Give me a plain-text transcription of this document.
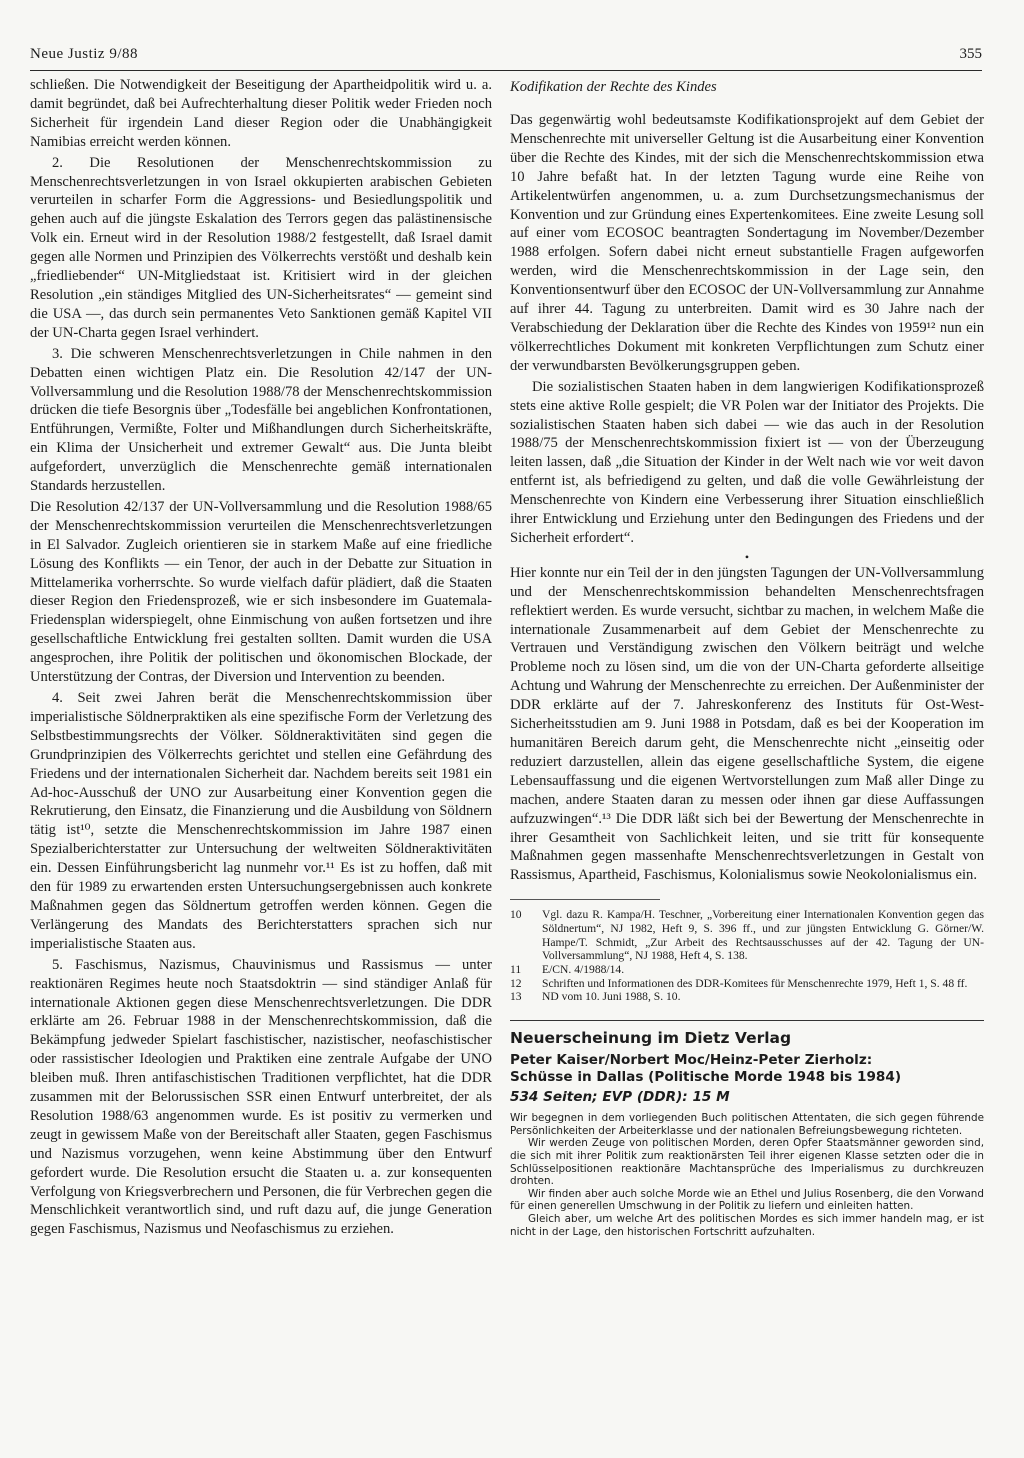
Neue Justiz 9/88	355

schließen. Die Notwendigkeit der Beseitigung der Apartheidpolitik wird u. a. damit begründet, daß bei Aufrechterhaltung dieser Politik weder Frieden noch Sicherheit für irgendein Land dieser Region oder die Unabhängigkeit Namibias erreicht werden können.

2. Die Resolutionen der Menschenrechtskommission zu Menschenrechtsverletzungen in von Israel okkupierten arabischen Gebieten verurteilen in scharfer Form die Aggressions- und Besiedlungspolitik und gehen auch auf die jüngste Eskalation des Terrors gegen das palästinensische Volk ein. Erneut wird in der Resolution 1988/2 festgestellt, daß Israel damit gegen alle Normen und Prinzipien des Völkerrechts verstößt und deshalb kein „friedliebender“ UN-Mitgliedstaat ist. Kritisiert wird in der gleichen Resolution „ein ständiges Mitglied des UN-Sicherheitsrates“ — gemeint sind die USA —, das durch sein permanentes Veto Sanktionen gemäß Kapitel VII der UN-Charta gegen Israel verhindert.

3. Die schweren Menschenrechtsverletzungen in Chile nahmen in den Debatten einen wichtigen Platz ein. Die Resolution 42/147 der UN-Vollversammlung und die Resolution 1988/78 der Menschenrechtskommission drücken die tiefe Besorgnis über „Todesfälle bei angeblichen Konfrontationen, Entführungen, Vermißte, Folter und Mißhandlungen durch Sicherheitskräfte, ein Klima der Unsicherheit und extremer Gewalt“ aus. Die Junta bleibt aufgefordert, unverzüglich die Menschenrechte gemäß internationalen Standards herzustellen.

Die Resolution 42/137 der UN-Vollversammlung und die Resolution 1988/65 der Menschenrechtskommission verurteilen die Menschenrechtsverletzungen in El Salvador. Zugleich orientieren sie in starkem Maße auf eine friedliche Lösung des Konflikts — ein Tenor, der auch in der Debatte zur Situation in Mittelamerika vorherrschte. So wurde vielfach dafür plädiert, daß die Staaten dieser Region den Friedensprozeß, wie er sich insbesondere im Guatemala-Friedensplan widerspiegelt, ohne Einmischung von außen fortsetzen und ihre gesellschaftliche Entwicklung frei gestalten sollten. Damit wurden die USA angesprochen, ihre Politik der politischen und ökonomischen Blockade, der Unterstützung der Contras, der Diversion und Intervention zu beenden.

4. Seit zwei Jahren berät die Menschenrechtskommission über imperialistische Söldnerpraktiken als eine spezifische Form der Verletzung des Selbstbestimmungsrechts der Völker. Söldneraktivitäten sind gegen die Grundprinzipien des Völkerrechts gerichtet und stellen eine Gefährdung des Friedens und der internationalen Sicherheit dar. Nachdem bereits seit 1981 ein Ad-hoc-Ausschuß der UNO zur Ausarbeitung einer Konvention gegen die Rekrutierung, den Einsatz, die Finanzierung und die Ausbildung von Söldnern tätig ist¹⁰, setzte die Menschenrechtskommission im Jahre 1987 einen Spezialberichterstatter zur Untersuchung der weltweiten Söldneraktivitäten ein. Dessen Einführungsbericht lag nunmehr vor.¹¹ Es ist zu hoffen, daß mit den für 1989 zu erwartenden ersten Untersuchungsergebnissen auch konkrete Maßnahmen gegen das Söldnertum getroffen werden können. Gegen die Verlängerung des Mandats des Berichterstatters sprachen sich nur imperialistische Staaten aus.

5. Faschismus, Nazismus, Chauvinismus und Rassismus — unter reaktionären Regimes heute noch Staatsdoktrin — sind ständiger Anlaß für internationale Aktionen gegen diese Menschenrechtsverletzungen. Die DDR erklärte am 26. Februar 1988 in der Menschenrechtskommission, daß die Bekämpfung jedweder Spielart faschistischer, nazistischer, neofaschistischer oder rassistischer Ideologien und Praktiken eine zentrale Aufgabe der UNO bleiben muß. Ihren antifaschistischen Traditionen verpflichtet, hat die DDR zusammen mit der Belorussischen SSR einen Entwurf unterbreitet, der als Resolution 1988/63 angenommen wurde. Es ist positiv zu vermerken und zeugt in gewissem Maße von der Bereitschaft aller Staaten, gegen Faschismus und Nazismus vorzugehen, wenn keine Abstimmung über den Entwurf gefordert wurde. Die Resolution ersucht die Staaten u. a. zur konsequenten Verfolgung von Kriegsverbrechern und Personen, die für Verbrechen gegen die Menschlichkeit verantwortlich sind, und ruft dazu auf, die junge Generation gegen Faschismus, Nazismus und Neofaschismus zu erziehen.

Kodifikation der Rechte des Kindes

Das gegenwärtig wohl bedeutsamste Kodifikationsprojekt auf dem Gebiet der Menschenrechte mit universeller Geltung ist die Ausarbeitung einer Konvention über die Rechte des Kindes, mit der sich die Menschenrechtskommission etwa 10 Jahre befaßt hat. In der letzten Tagung wurde eine Reihe von Artikelentwürfen angenommen, u. a. zum Durchsetzungsmechanismus der Konvention und zur Gründung eines Expertenkomitees. Eine zweite Lesung soll auf einer vom ECOSOC beantragten Sondertagung im November/Dezember 1988 erfolgen. Sofern dabei nicht erneut substantielle Fragen aufgeworfen werden, wird die Menschenrechtskommission in der Lage sein, den Konventionsentwurf über den ECOSOC der UN-Vollversammlung zur Annahme auf ihrer 44. Tagung zu unterbreiten. Damit wird es 30 Jahre nach der Verabschiedung der Deklaration über die Rechte des Kindes von 1959¹² nun ein völkerrechtliches Dokument mit konkreten Verpflichtungen zum Schutz einer der verwundbarsten Bevölkerungsgruppen geben.

Die sozialistischen Staaten haben in dem langwierigen Kodifikationsprozeß stets eine aktive Rolle gespielt; die VR Polen war der Initiator des Projekts. Die sozialistischen Staaten haben sich dabei — wie das auch in der Resolution 1988/75 der Menschenrechtskommission fixiert ist — von der Überzeugung leiten lassen, daß „die Situation der Kinder in der Welt nach wie vor weit davon entfernt ist, als befriedigend zu gelten, und daß die volle Gewährleistung der Menschenrechte von Kindern eine Verbesserung ihrer Situation einschließlich ihrer Entwicklung und Erziehung unter den Bedingungen des Friedens und der Sicherheit erfordert“.

•

Hier konnte nur ein Teil der in den jüngsten Tagungen der UN-Vollversammlung und der Menschenrechtskommission behandelten Menschenrechtsfragen reflektiert werden. Es wurde versucht, sichtbar zu machen, in welchem Maße die internationale Zusammenarbeit auf dem Gebiet der Menschenrechte zu Vertrauen und Verständigung zwischen den Völkern beiträgt und welche Probleme noch zu lösen sind, um die von der UN-Charta geforderte allseitige Achtung und Wahrung der Menschenrechte zu erreichen. Der Außenminister der DDR erklärte auf der 7. Jahreskonferenz des Instituts für Ost-West-Sicherheitsstudien am 9. Juni 1988 in Potsdam, daß es bei der Kooperation im humanitären Bereich darum geht, die Menschenrechte nicht „einseitig oder reduziert darzustellen, allein das eigene gesellschaftliche System, die eigene Lebensauffassung und die eigenen Wertvorstellungen zum Maß aller Dinge zu machen, andere Staaten daran zu messen oder ihnen gar diese Auffassungen aufzuzwingen“.¹³ Die DDR läßt sich bei der Bewertung der Menschenrechte in ihrer Gesamtheit von Sachlichkeit leiten, und sie tritt für konsequente Maßnahmen gegen massenhafte Menschenrechtsverletzungen in Gestalt von Rassismus, Apartheid, Faschismus, Kolonialismus sowie Neokolonialismus ein.

10 Vgl. dazu R. Kampa/H. Teschner, „Vorbereitung einer Internationalen Konvention gegen das Söldnertum“, NJ 1982, Heft 9, S. 396 ff., und zur jüngsten Entwicklung G. Görner/W. Hampe/T. Schmidt, „Zur Arbeit des Rechtsausschusses auf der 42. Tagung der UN-Vollversammlung“, NJ 1988, Heft 4, S. 138.

11 E/CN. 4/1988/14.

12 Schriften und Informationen des DDR-Komitees für Menschenrechte 1979, Heft 1, S. 48 ff.

13 ND vom 10. Juni 1988, S. 10.

Neuerscheinung im Dietz Verlag
Peter Kaiser/Norbert Moc/Heinz-Peter Zierholz:
Schüsse in Dallas (Politische Morde 1948 bis 1984)
534 Seiten; EVP (DDR): 15 M

Wir begegnen in dem vorliegenden Buch politischen Attentaten, die sich gegen führende Persönlichkeiten der Arbeiterklasse und der nationalen Befreiungsbewegung richteten.

Wir werden Zeuge von politischen Morden, deren Opfer Staatsmänner geworden sind, die sich mit ihrer Politik zum reaktionärsten Teil ihrer eigenen Klasse setzten oder die in Schlüsselpositionen reaktionäre Machtansprüche des Imperialismus zu durchkreuzen drohten.

Wir finden aber auch solche Morde wie an Ethel und Julius Rosenberg, die den Vorwand für einen generellen Umschwung in der Politik zu liefern und einleiten hatten.

Gleich aber, um welche Art des politischen Mordes es sich immer handeln mag, er ist nicht in der Lage, den historischen Fortschritt aufzuhalten.
